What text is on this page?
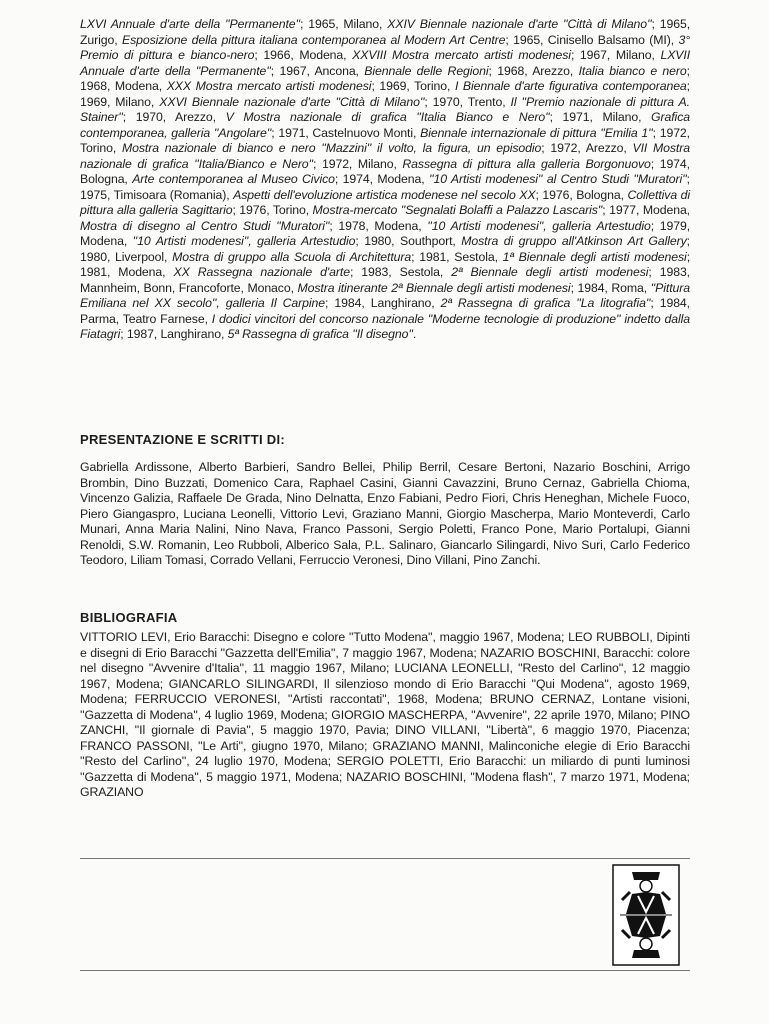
LXVI Annuale d'arte della ''Permanente''; 1965, Milano, XXIV Biennale nazionale d'arte ''Città di Milano''; 1965, Zurigo, Esposizione della pittura italiana contemporanea al Modern Art Centre; 1965, Cinisello Balsamo (MI), 3° Premio di pittura e bianco-nero; 1966, Modena, XXVIII Mostra mercato artisti modenesi; 1967, Milano, LXVII Annuale d'arte della ''Permanente''; 1967, Ancona, Biennale delle Regioni; 1968, Arezzo, Italia bianco e nero; 1968, Modena, XXX Mostra mercato artisti modenesi; 1969, Torino, I Biennale d'arte figurativa contemporanea; 1969, Milano, XXVI Biennale nazionale d'arte ''Città di Milano''; 1970, Trento, Il ''Premio nazionale di pittura A. Stainer''; 1970, Arezzo, V Mostra nazionale di grafica ''Italia Bianco e Nero''; 1971, Milano, Grafica contemporanea, galleria ''Angolare''; 1971, Castelnuovo Monti, Biennale internazionale di pittura ''Emilia 1''; 1972, Torino, Mostra nazionale di bianco e nero ''Mazzini'' il volto, la figura, un episodio; 1972, Arezzo, VII Mostra nazionale di grafica ''Italia/Bianco e Nero''; 1972, Milano, Rassegna di pittura alla galleria Borgonuovo; 1974, Bologna, Arte contemporanea al Museo Civico; 1974, Modena, ''10 Artisti modenesi'' al Centro Studi ''Muratori''; 1975, Timisoara (Romania), Aspetti dell'evoluzione artistica modenese nel secolo XX; 1976, Bologna, Collettiva di pittura alla galleria Sagittario; 1976, Torino, Mostra-mercato ''Segnalati Bolaffi a Palazzo Lascaris''; 1977, Modena, Mostra di disegno al Centro Studi ''Muratori''; 1978, Modena, ''10 Artisti modenesi'', galleria Artestudio; 1979, Modena, ''10 Artisti modenesi'', galleria Artestudio; 1980, Southport, Mostra di gruppo all'Atkinson Art Gallery; 1980, Liverpool, Mostra di gruppo alla Scuola di Architettura; 1981, Sestola, 1ª Biennale degli artisti modenesi; 1981, Modena, XX Rassegna nazionale d'arte; 1983, Sestola, 2ª Biennale degli artisti modenesi; 1983, Mannheim, Bonn, Francoforte, Monaco, Mostra itinerante 2ª Biennale degli artisti modenesi; 1984, Roma, ''Pittura Emiliana nel XX secolo'', galleria Il Carpine; 1984, Langhirano, 2ª Rassegna di grafica ''La litografia''; 1984, Parma, Teatro Farnese, I dodici vincitori del concorso nazionale ''Moderne tecnologie di produzione'' indetto dalla Fiatagri; 1987, Langhirano, 5ª Rassegna di grafica ''Il disegno''.

PRESENTAZIONE E SCRITTI DI:

Gabriella Ardissone, Alberto Barbieri, Sandro Bellei, Philip Berril, Cesare Bertoni, Nazario Boschini, Arrigo Brombin, Dino Buzzati, Domenico Cara, Raphael Casini, Gianni Cavazzini, Bruno Cernaz, Gabriella Chioma, Vincenzo Galizia, Raffaele De Grada, Nino Delnatta, Enzo Fabiani, Pedro Fiori, Chris Heneghan, Michele Fuoco, Piero Giangaspro, Luciana Leonelli, Vittorio Levi, Graziano Manni, Giorgio Mascherpa, Mario Monteverdi, Carlo Munari, Anna Maria Nalini, Nino Nava, Franco Passoni, Sergio Poletti, Franco Pone, Mario Portalupi, Gianni Renoldi, S.W. Romanin, Leo Rubboli, Alberico Sala, P.L. Salinaro, Giancarlo Silingardi, Nivo Suri, Carlo Federico Teodoro, Liliam Tomasi, Corrado Vellani, Ferruccio Veronesi, Dino Villani, Pino Zanchi.

BIBLIOGRAFIA

VITTORIO LEVI, Erio Baracchi: Disegno e colore ''Tutto Modena'', maggio 1967, Modena; LEO RUBBOLI, Dipinti e disegni di Erio Baracchi ''Gazzetta dell'Emilia'', 7 maggio 1967, Modena; NAZARIO BOSCHINI, Baracchi: colore nel disegno ''Avvenire d'Italia'', 11 maggio 1967, Milano; LUCIANA LEONELLI, ''Resto del Carlino'', 12 maggio 1967, Modena; GIANCARLO SILINGARDI, Il silenzioso mondo di Erio Baracchi ''Qui Modena'', agosto 1969, Modena; FERRUCCIO VERONESI, ''Artisti raccontati'', 1968, Modena; BRUNO CERNAZ, Lontane visioni, ''Gazzetta di Modena'', 4 luglio 1969, Modena; GIORGIO MASCHERPA, ''Avvenire'', 22 aprile 1970, Milano; PINO ZANCHI, ''Il giornale di Pavia'', 5 maggio 1970, Pavia; DINO VILLANI, ''Libertà'', 6 maggio 1970, Piacenza; FRANCO PASSONI, ''Le Arti'', giugno 1970, Milano; GRAZIANO MANNI, Malinconiche elegie di Erio Baracchi ''Resto del Carlino'', 24 luglio 1970, Modena; SERGIO POLETTI, Erio Baracchi: un miliardo di punti luminosi ''Gazzetta di Modena'', 5 maggio 1971, Modena; NAZARIO BOSCHINI, ''Modena flash'', 7 marzo 1971, Modena; GRAZIANO
